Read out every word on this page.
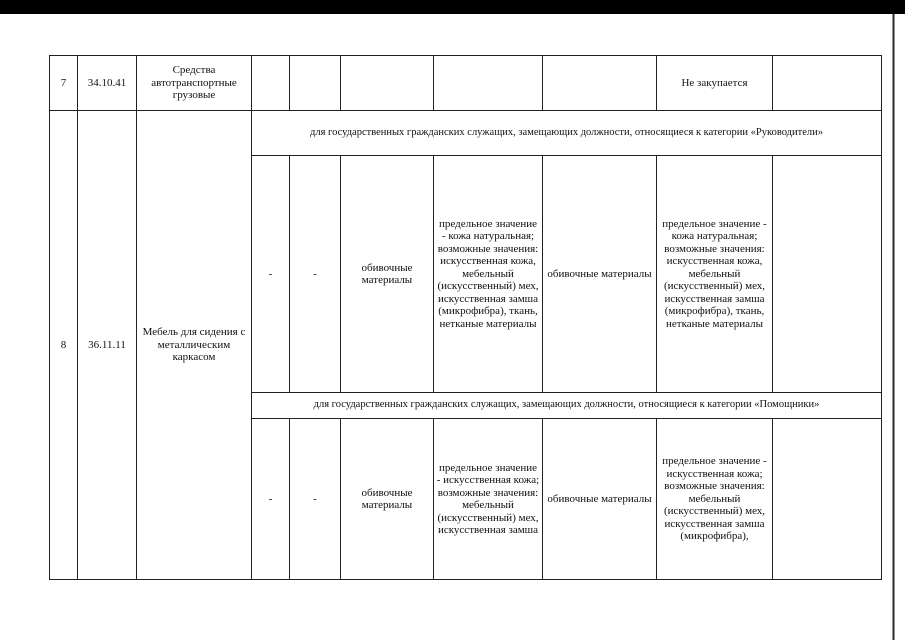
7	34.10.41	Средства автотранспортные грузовые						Не закупается	
8	36.11.11	Мебель для сидения с металлическим каркасом	для государственных гражданских служащих, замещающих должности, относящиеся к категории «Руководители»						
			-	-	обивочные материалы	предельное значение - кожа натуральная; возможные значения: искусственная кожа, мебельный (искусственный) мех, искусственная замша (микрофибра), ткань, нетканые материалы	обивочные материалы	предельное значение - кожа натуральная; возможные значения: искусственная кожа, мебельный (искусственный) мех, искусственная замша (микрофибра), ткань, нетканые материалы	
			для государственных гражданских служащих, замещающих должности, относящиеся к категории «Помощники»						
			-	-	обивочные материалы	предельное значение - искусственная кожа; возможные значения: мебельный (искусственный) мех, искусственная замша	обивочные материалы	предельное значение - искусственная кожа; возможные значения: мебельный (искусственный) мех, искусственная замша (микрофибра),	
